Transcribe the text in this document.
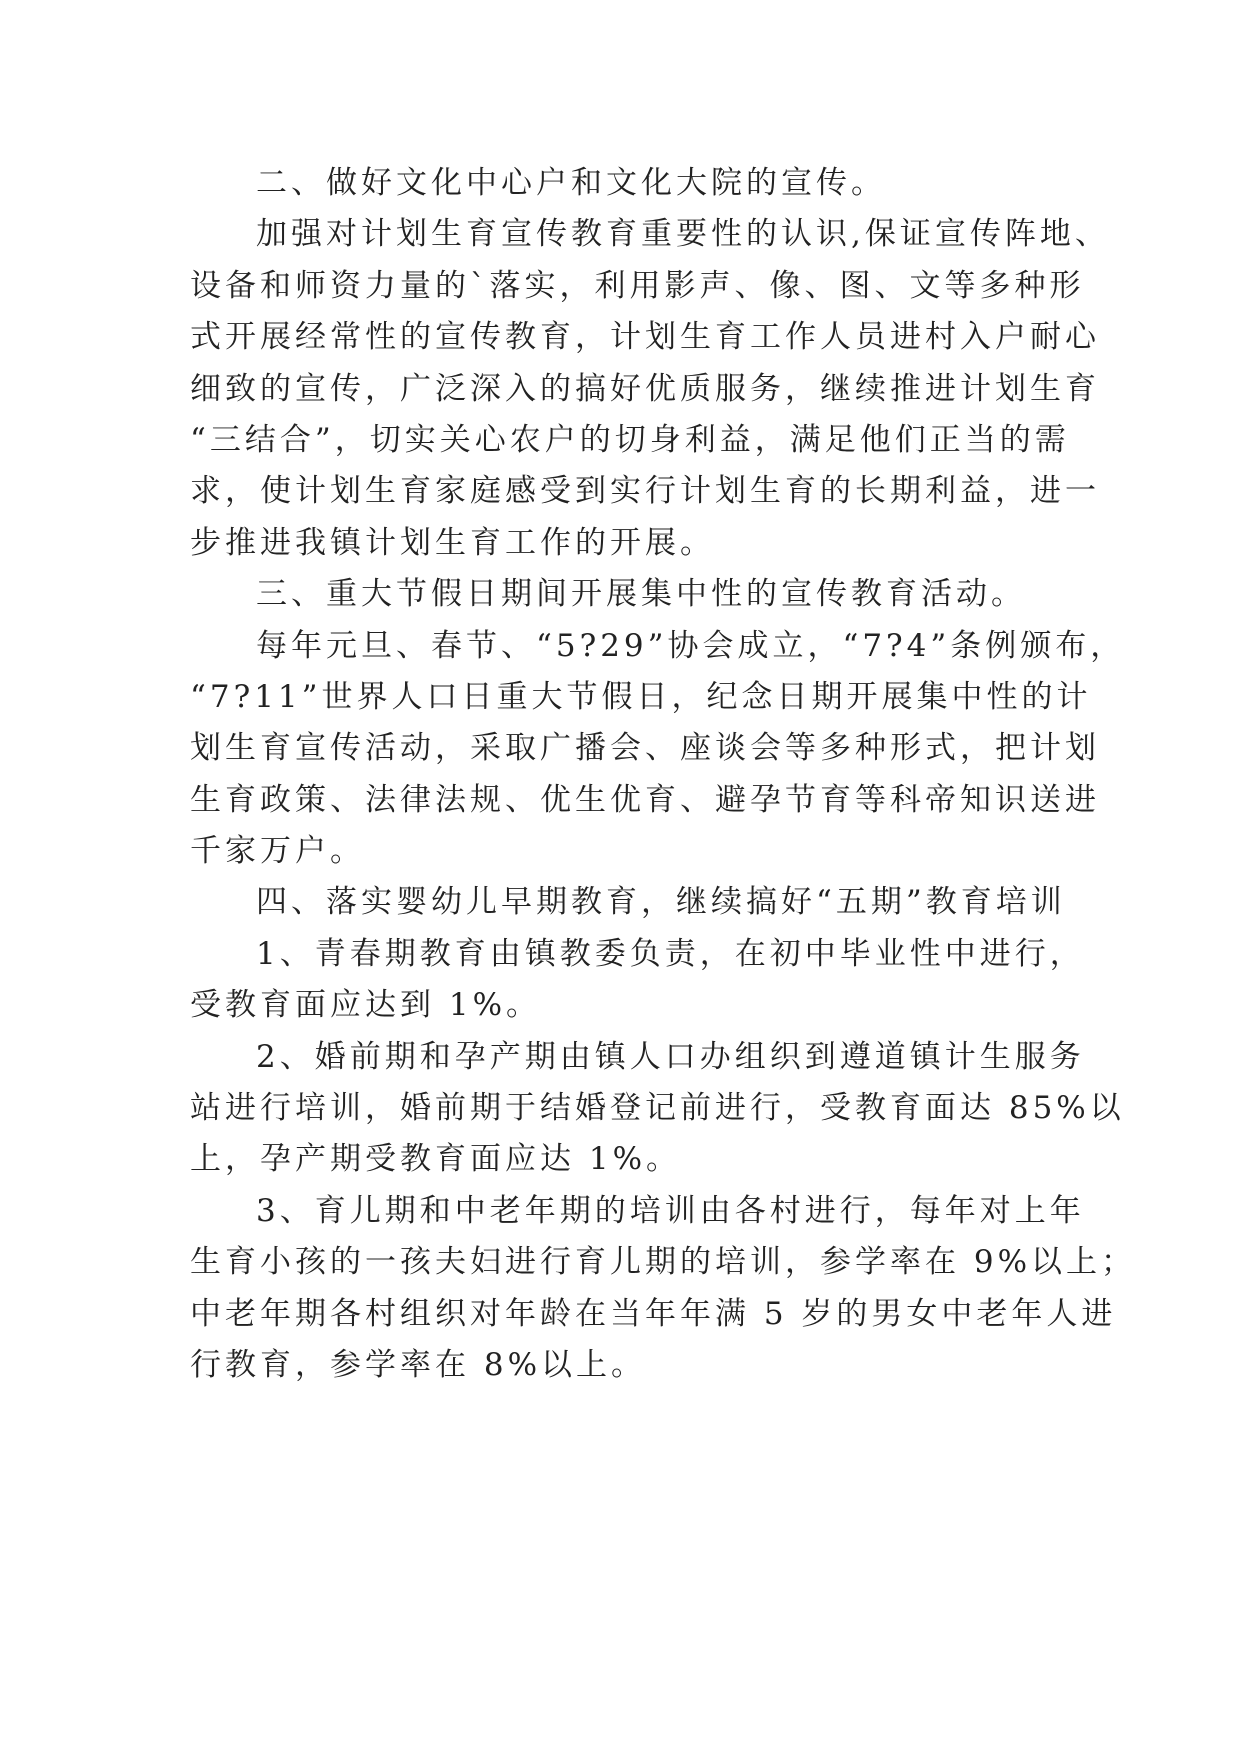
二、做好文化中心户和文化大院的宣传。

加强对计划生育宣传教育重要性的认识,保证宣传阵地、

设备和师资力量的`落实，利用影声、像、图、文等多种形

式开展经常性的宣传教育，计划生育工作人员进村入户耐心

细致的宣传，广泛深入的搞好优质服务，继续推进计划生育

“三结合”，切实关心农户的切身利益，满足他们正当的需

求，使计划生育家庭感受到实行计划生育的长期利益，进一

步推进我镇计划生育工作的开展。

三、重大节假日期间开展集中性的宣传教育活动。

每年元旦、春节、“5?29”协会成立，“7?4”条例颁布，

“7?11”世界人口日重大节假日，纪念日期开展集中性的计

划生育宣传活动，采取广播会、座谈会等多种形式，把计划

生育政策、法律法规、优生优育、避孕节育等科帝知识送进

千家万户。

四、落实婴幼儿早期教育，继续搞好“五期”教育培训

1、青春期教育由镇教委负责，在初中毕业性中进行，

受教育面应达到 1%。

2、婚前期和孕产期由镇人口办组织到遵道镇计生服务

站进行培训，婚前期于结婚登记前进行，受教育面达 85%以

上，孕产期受教育面应达 1%。

3、育儿期和中老年期的培训由各村进行，每年对上年

生育小孩的一孩夫妇进行育儿期的培训，参学率在 9%以上；

中老年期各村组织对年龄在当年年满 5 岁的男女中老年人进

行教育，参学率在 8%以上。
